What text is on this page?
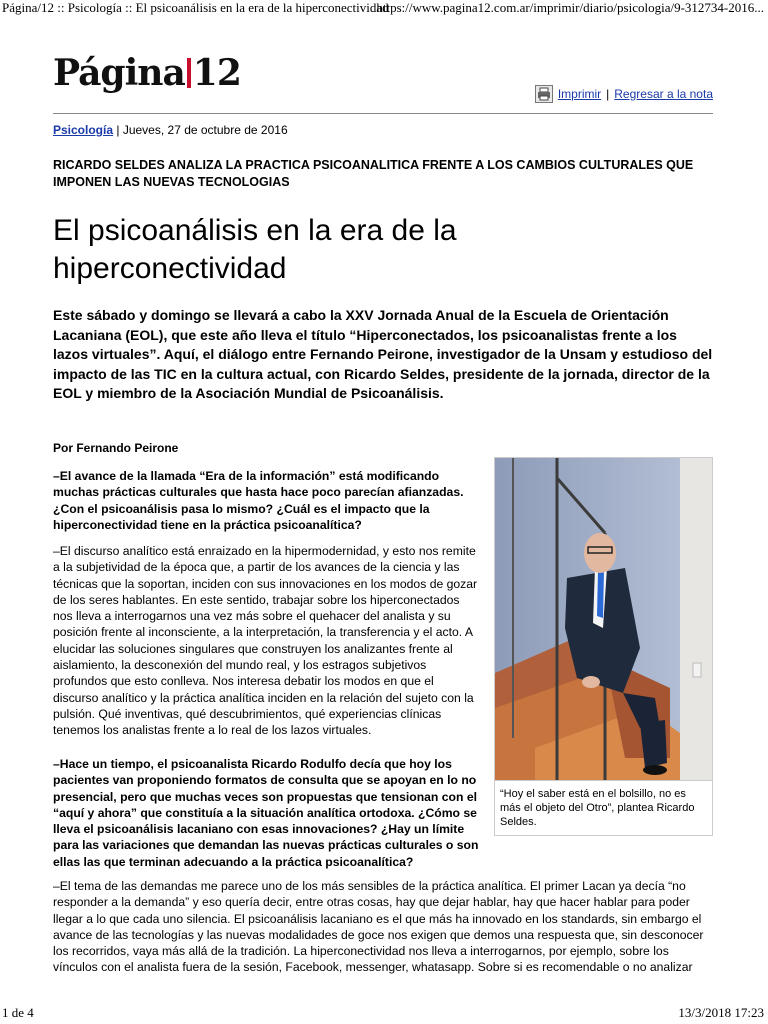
Página/12 :: Psicología :: El psicoanálisis en la era de la hiperconectividad
https://www.pagina12.com.ar/imprimir/diario/psicologia/9-312734-2016...
Página 12	Imprimir | Regresar a la nota
Psicología | Jueves, 27 de octubre de 2016
RICARDO SELDES ANALIZA LA PRACTICA PSICOANALITICA FRENTE A LOS CAMBIOS CULTURALES QUE IMPONEN LAS NUEVAS TECNOLOGIAS
El psicoanálisis en la era de la hiperconectividad
Este sábado y domingo se llevará a cabo la XXV Jornada Anual de la Escuela de Orientación Lacaniana (EOL), que este año lleva el título “Hiperconectados, los psicoanalistas frente a los lazos virtuales”. Aquí, el diálogo entre Fernando Peirone, investigador de la Unsam y estudioso del impacto de las TIC en la cultura actual, con Ricardo Seldes, presidente de la jornada, director de la EOL y miembro de la Asociación Mundial de Psicoanálisis.
Por Fernando Peirone

–El avance de la llamada “Era de la información” está modificando muchas prácticas culturales que hasta hace poco parecían afianzadas. ¿Con el psicoanálisis pasa lo mismo? ¿Cuál es el impacto que la hiperconectividad tiene en la práctica psicoanalítica?

–El discurso analítico está enraizado en la hipermodernidad, y esto nos remite a la subjetividad de la época que, a partir de los avances de la ciencia y las técnicas que la soportan, inciden con sus innovaciones en los modos de gozar de los seres hablantes. En este sentido, trabajar sobre los hiperconectados nos lleva a interrogarnos una vez más sobre el quehacer del analista y su posición frente al inconsciente, a la interpretación, la transferencia y el acto. A elucidar las soluciones singulares que construyen los analizantes frente al aislamiento, la desconexión del mundo real, y los estragos subjetivos profundos que esto conlleva. Nos interesa debatir los modos en que el discurso analítico y la práctica analítica inciden en la relación del sujeto con la pulsión. Qué inventivas, qué descubrimientos, qué experiencias clínicas tenemos los analistas frente a lo real de los lazos virtuales.

–Hace un tiempo, el psicoanalista Ricardo Rodulfo decía que hoy los pacientes van proponiendo formatos de consulta que se apoyan en lo no presencial, pero que muchas veces son propuestas que tensionan con el “aquí y ahora” que constituía a la situación analítica ortodoxa. ¿Cómo se lleva el psicoanálisis lacaniano con esas innovaciones? ¿Hay un límite para las variaciones que demandan las nuevas prácticas culturales o son ellas las que terminan adecuando a la práctica psicoanalítica?

–El tema de las demandas me parece uno de los más sensibles de la práctica analítica. El primer Lacan ya decía “no responder a la demanda” y eso quería decir, entre otras cosas, hay que dejar hablar, hay que hacer hablar para poder llegar a lo que cada uno silencia. El psicoanálisis lacaniano es el que más ha innovado en los standards, sin embargo el avance de las tecnologías y las nuevas modalidades de goce nos exigen que demos una respuesta que, sin desconocer los recorridos, vaya más allá de la tradición. La hiperconectividad nos lleva a interrogarnos, por ejemplo, sobre los vínculos con el analista fuera de la sesión, Facebook, messenger, whatasapp. Sobre si es recomendable o no analizar

“Hoy el saber está en el bolsillo, no es más el objeto del Otro”, plantea Ricardo Seldes.
1 de 4	13/3/2018 17:23
